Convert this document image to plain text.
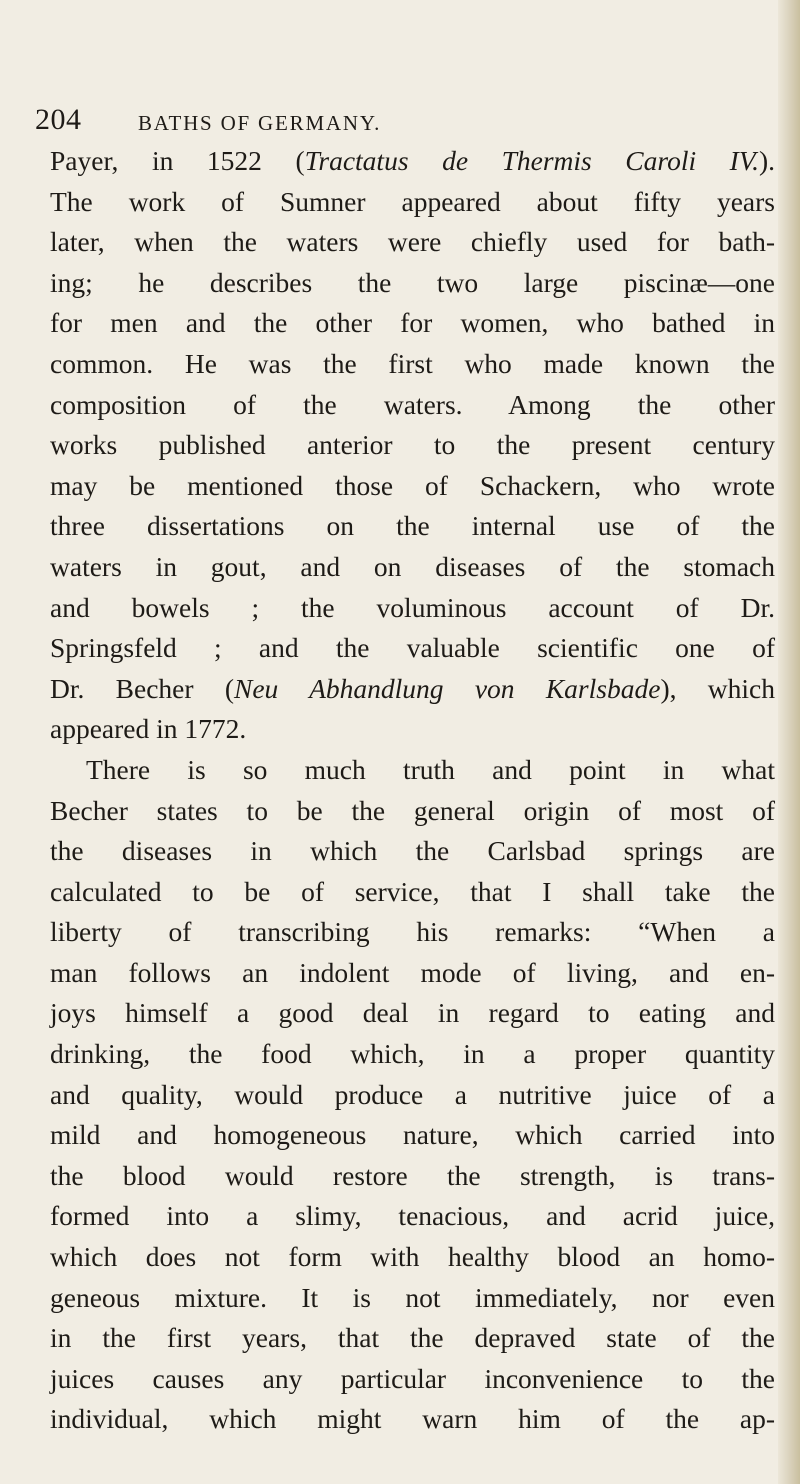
204	BATHS OF GERMANY.
Payer, in 1522 (Tractatus de Thermis Caroli IV.).
The work of Sumner appeared about fifty years
later, when the waters were chiefly used for bath-
ing; he describes the two large piscinæ—one
for men and the other for women, who bathed in
common. He was the first who made known the
composition of the waters. Among the other
works published anterior to the present century
may be mentioned those of Schackern, who wrote
three dissertations on the internal use of the
waters in gout, and on diseases of the stomach
and bowels ; the voluminous account of Dr.
Springsfeld ; and the valuable scientific one of
Dr. Becher (Neu Abhandlung von Karlsbade), which
appeared in 1772.
There is so much truth and point in what
Becher states to be the general origin of most of
the diseases in which the Carlsbad springs are
calculated to be of service, that I shall take the
liberty of transcribing his remarks: “When a
man follows an indolent mode of living, and en-
joys himself a good deal in regard to eating and
drinking, the food which, in a proper quantity
and quality, would produce a nutritive juice of a
mild and homogeneous nature, which carried into
the blood would restore the strength, is trans-
formed into a slimy, tenacious, and acrid juice,
which does not form with healthy blood an homo-
geneous mixture. It is not immediately, nor even
in the first years, that the depraved state of the
juices causes any particular inconvenience to the
individual, which might warn him of the ap-
